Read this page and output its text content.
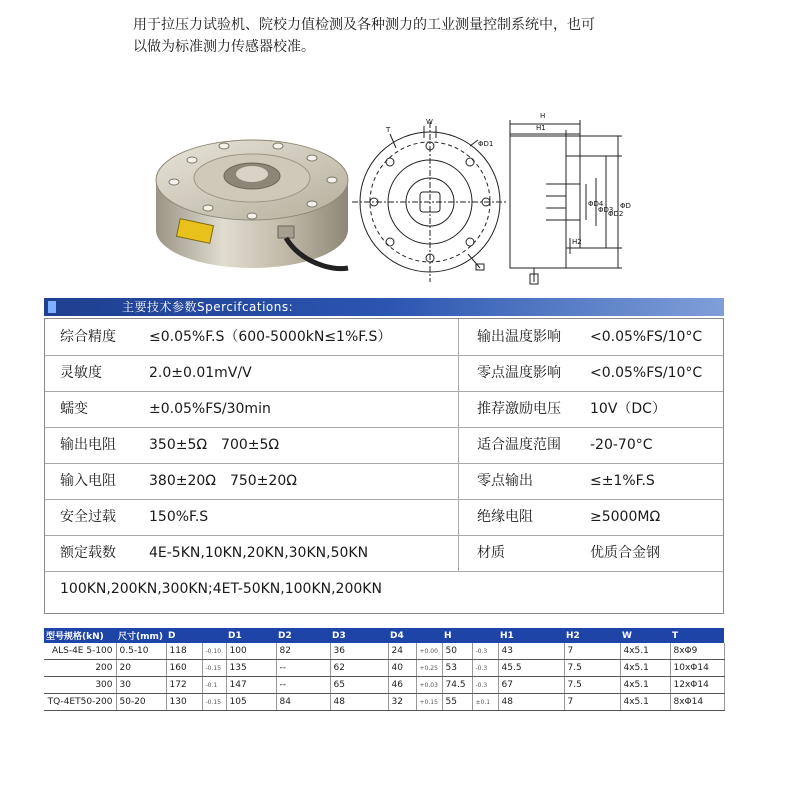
用于拉压力试验机、院校力值检测及各种测力的工业测量控制系统中，也可
以做为标准测力传感器校准。
T
W
ΦD1
H
H1
H2
ΦD4
ΦD3
ΦD2
ΦD
主要技术参数Spercifcations:
综合精度 ≤0.05%F.S（600-5000kN≤1%F.S）	输出温度影响 <0.05%FS/10°C
灵敏度	2.0±0.01mV/V	零点温度影响 <0.05%FS/10°C
蠕变	±0.05%FS/30min	推荐激励电压 10V（DC）
输出电阻 350±5Ω　700±5Ω	适合温度范围 -20-70°C
输入电阻 380±20Ω　750±20Ω	零点输出	≤±1%F.S
安全过载 150%F.S	绝缘电阻	≥5000MΩ
额定载数 4E-5KN,10KN,20KN,30KN,50KN	材质	优质合金钢
100KN,200KN,300KN;4ET-50KN,100KN,200KN
型号规格(kN)	尺寸(mm)	D		D1	D2	D3	D4		H		H1	H2	W	T
ALS-4E 5-100	0.5-10	118	-0.10	100	82	36	24	+0.00	50	-0.3	43	7	4x5.1	8xΦ9
200	20	160	-0.15	135	--	62	40	+0.25	53	-0.3	45.5	7.5	4x5.1	10xΦ14
300	30	172	-0.1	147	--	65	46	+0.03	74.5	-0.3	67	7.5	4x5.1	12xΦ14
TQ-4ET50-200	50-20	130	-0.15	105	84	48	32	+0.15	55	±0.1	48	7	4x5.1	8xΦ14
